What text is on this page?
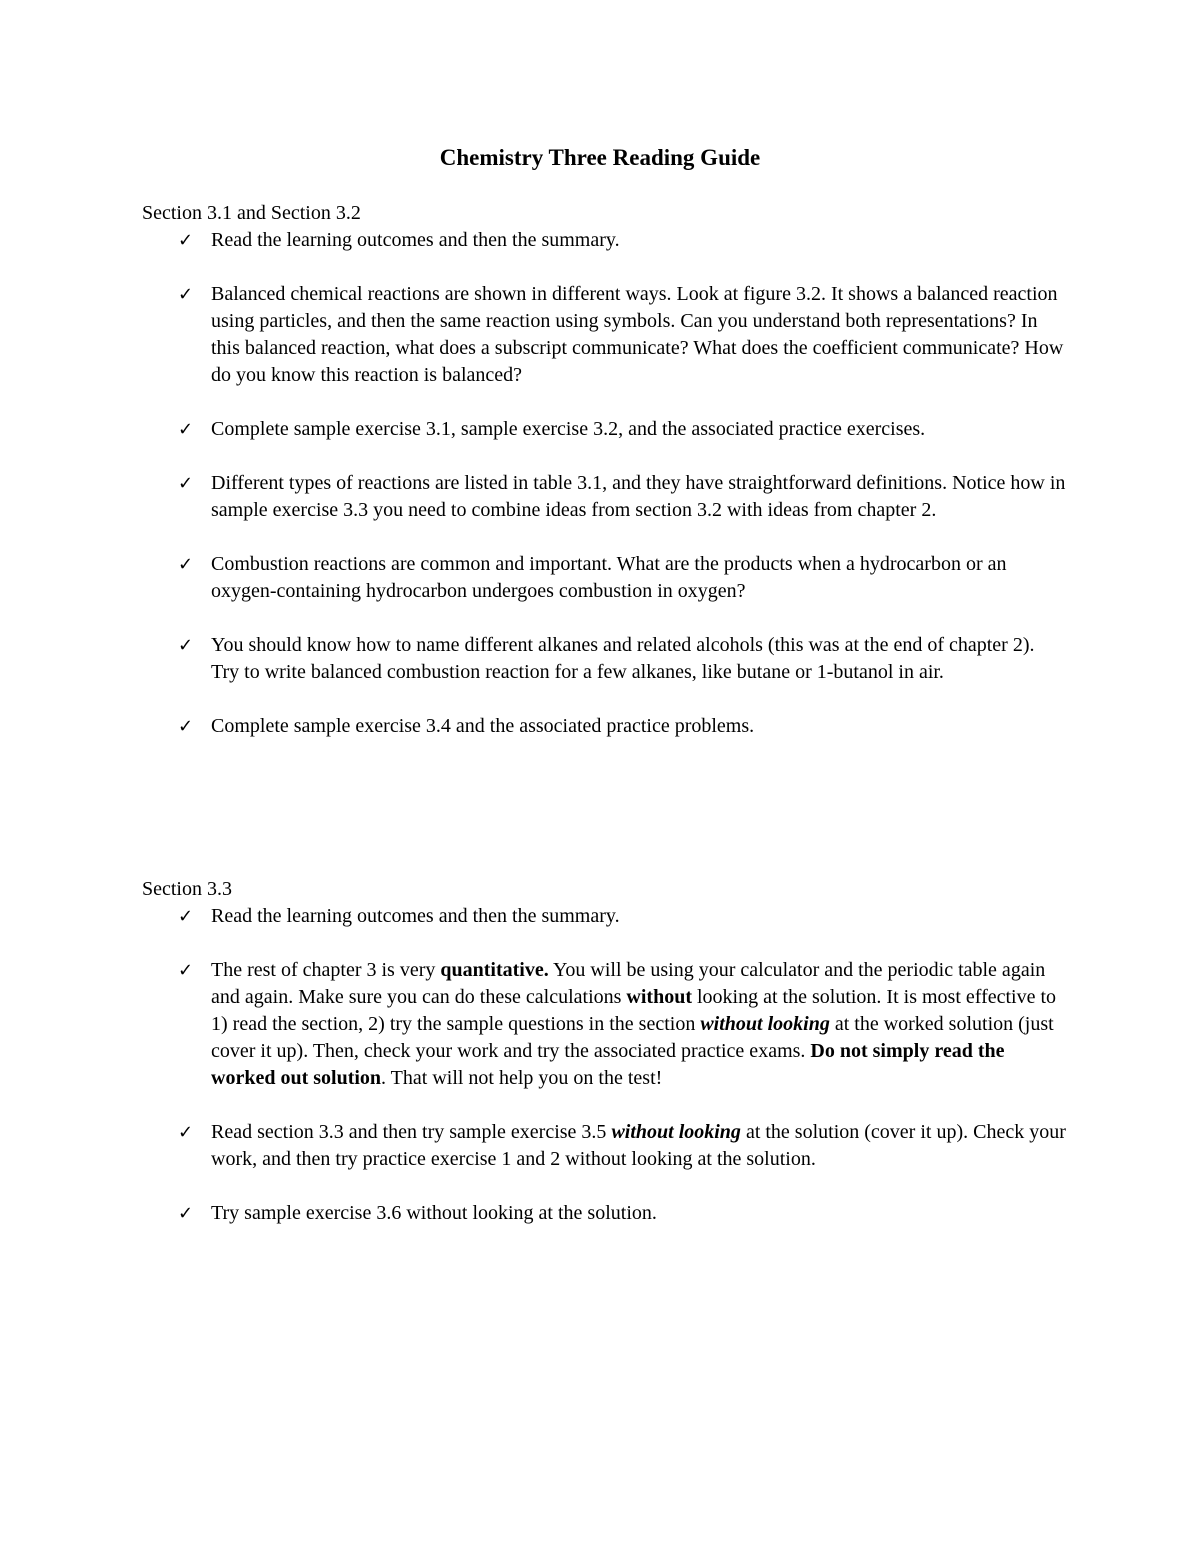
Chemistry Three Reading Guide

Section 3.1 and Section 3.2

✓ Read the learning outcomes and then the summary.
✓ Balanced chemical reactions are shown in different ways. Look at figure 3.2. It shows a balanced reaction using particles, and then the same reaction using symbols. Can you understand both representations? In this balanced reaction, what does a subscript communicate? What does the coefficient communicate? How do you know this reaction is balanced?
✓ Complete sample exercise 3.1, sample exercise 3.2, and the associated practice exercises.
✓ Different types of reactions are listed in table 3.1, and they have straightforward definitions. Notice how in sample exercise 3.3 you need to combine ideas from section 3.2 with ideas from chapter 2.
✓ Combustion reactions are common and important. What are the products when a hydrocarbon or an oxygen-containing hydrocarbon undergoes combustion in oxygen?
✓ You should know how to name different alkanes and related alcohols (this was at the end of chapter 2). Try to write balanced combustion reaction for a few alkanes, like butane or 1-butanol in air.
✓ Complete sample exercise 3.4 and the associated practice problems.

Section 3.3

✓ Read the learning outcomes and then the summary.
✓ The rest of chapter 3 is very quantitative. You will be using your calculator and the periodic table again and again. Make sure you can do these calculations without looking at the solution. It is most effective to 1) read the section, 2) try the sample questions in the section without looking at the worked solution (just cover it up). Then, check your work and try the associated practice exams. Do not simply read the worked out solution. That will not help you on the test!
✓ Read section 3.3 and then try sample exercise 3.5 without looking at the solution (cover it up). Check your work, and then try practice exercise 1 and 2 without looking at the solution.
✓ Try sample exercise 3.6 without looking at the solution.
